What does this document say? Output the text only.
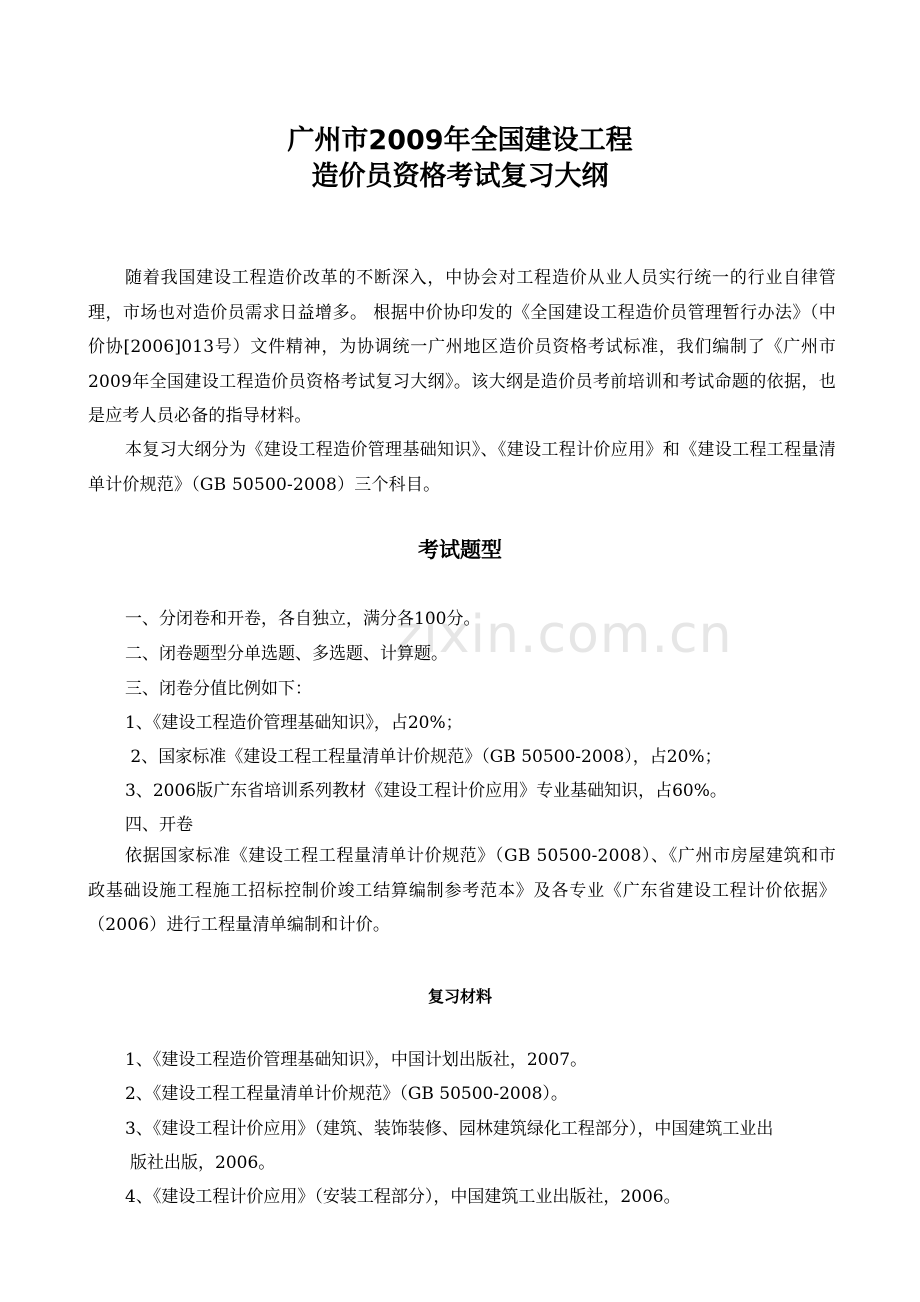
广州市2009年全国建设工程
造价员资格考试复习大纲

随着我国建设工程造价改革的不断深入，中协会对工程造价从业人员实行统一的行业自律管理，市场也对造价员需求日益增多。 根据中价协印发的《全国建设工程造价员管理暂行办法》（中价协[2006]013号）文件精神，为协调统一广州地区造价员资格考试标准，我们编制了《广州市2009年全国建设工程造价员资格考试复习大纲》。该大纲是造价员考前培训和考试命题的依据，也是应考人员必备的指导材料。

本复习大纲分为《建设工程造价管理基础知识》、《建设工程计价应用》和《建设工程工程量清单计价规范》（GB 50500-2008）三个科目。

考试题型
zixin.com.cn

一、分闭卷和开卷，各自独立，满分各100分。

二、闭卷题型分单选题、多选题、计算题。

三、闭卷分值比例如下：

1、《建设工程造价管理基础知识》，占20%；

2、国家标准《建设工程工程量清单计价规范》（GB 50500-2008），占20%；

3、2006版广东省培训系列教材《建设工程计价应用》专业基础知识，占60%。

四、开卷

依据国家标准《建设工程工程量清单计价规范》（GB 50500-2008）、《广州市房屋建筑和市政基础设施工程施工招标控制价竣工结算编制参考范本》及各专业《广东省建设工程计价依据》（2006）进行工程量清单编制和计价。

复习材料

1、《建设工程造价管理基础知识》，中国计划出版社，2007。

2、《建设工程工程量清单计价规范》（GB 50500-2008）。

3、《建设工程计价应用》（建筑、装饰装修、园林建筑绿化工程部分），中国建筑工业出

版社出版，2006。

4、《建设工程计价应用》（安装工程部分），中国建筑工业出版社，2006。
